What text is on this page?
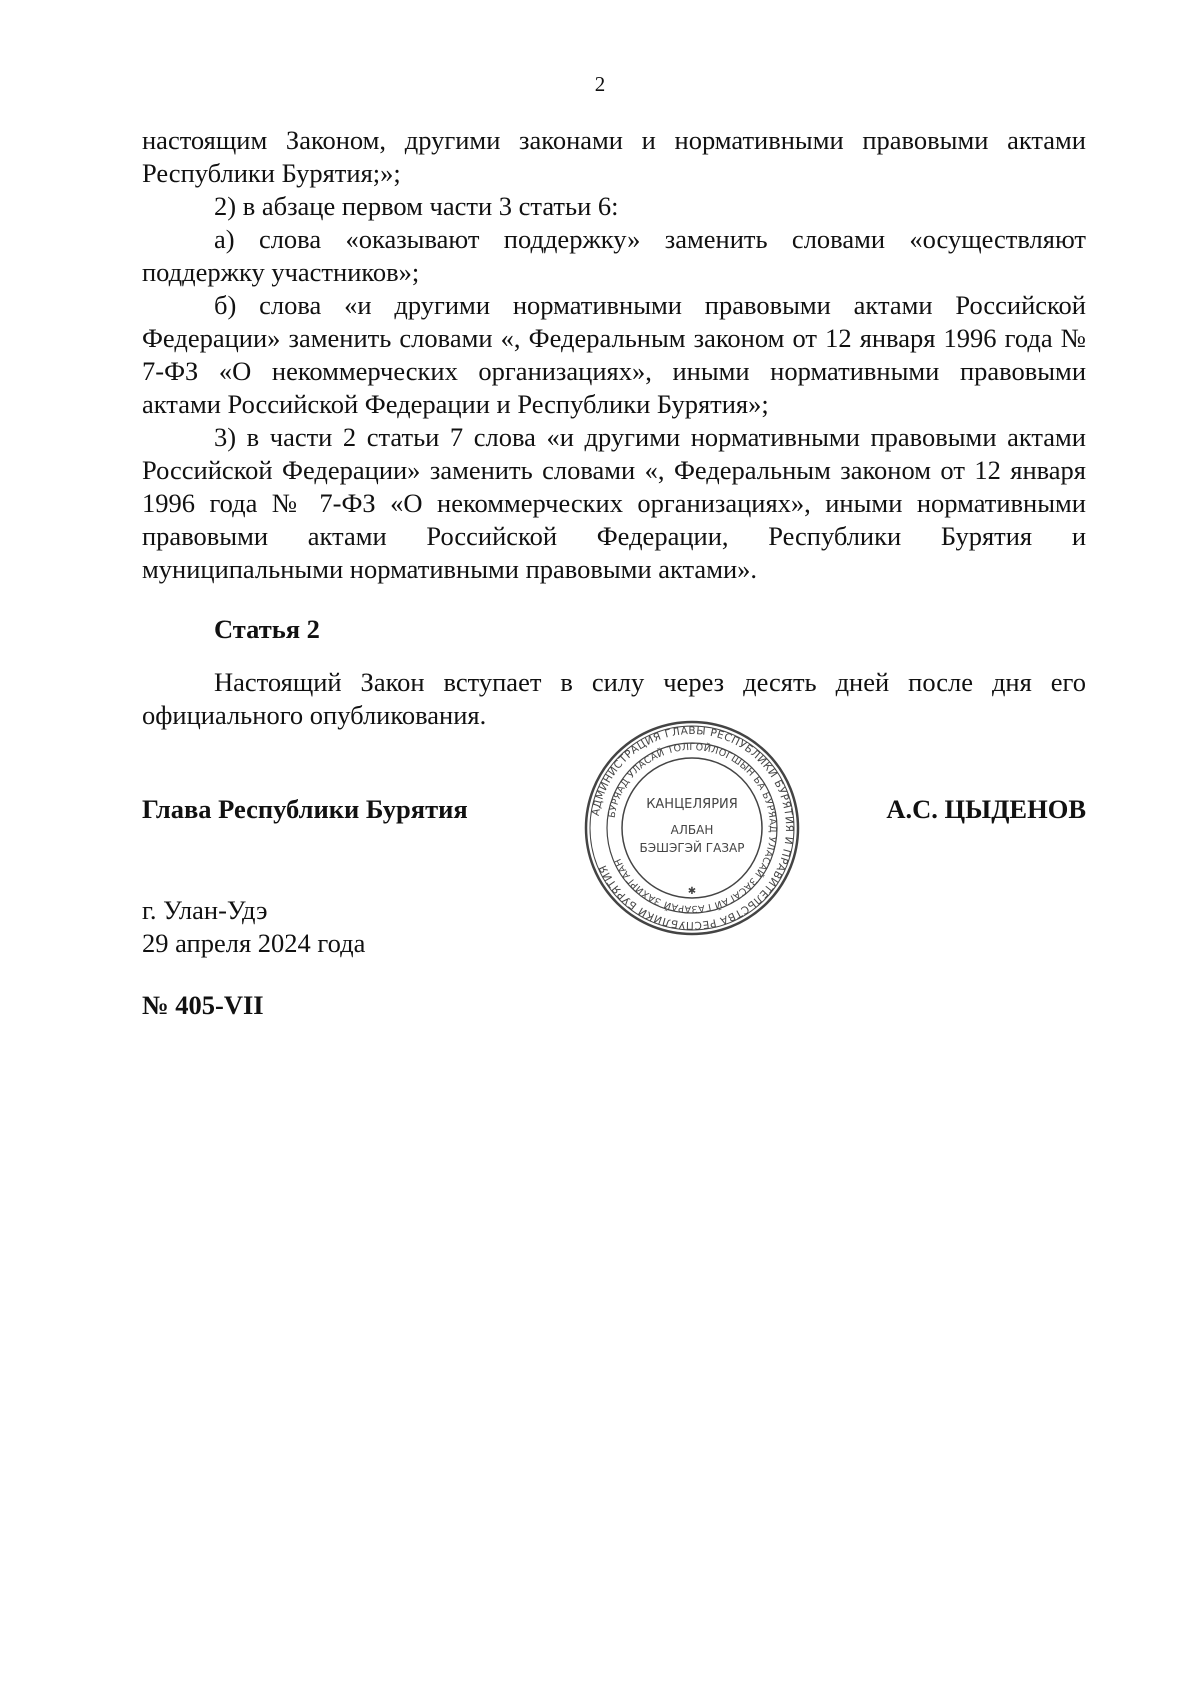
2

настоящим Законом, другими законами и нормативными правовыми актами Республики Бурятия;»;

2) в абзаце первом части 3 статьи 6:

а) слова «оказывают поддержку» заменить словами «осуществляют поддержку участников»;

б) слова «и другими нормативными правовыми актами Российской Федерации» заменить словами «, Федеральным законом от 12 января 1996 года № 7-ФЗ «О некоммерческих организациях», иными нормативными правовыми актами Российской Федерации и Республики Бурятия»;

3) в части 2 статьи 7 слова «и другими нормативными правовыми актами Российской Федерации» заменить словами «, Федеральным законом от 12 января 1996 года № 7-ФЗ «О некоммерческих организациях», иными нормативными правовыми актами Российской Федерации, Республики Бурятия и муниципальными нормативными правовыми актами».

Статья 2

Настоящий Закон вступает в силу через десять дней после дня его официального опубликования.

Глава Республики Бурятия	А.С. ЦЫДЕНОВ
АДМИНИСТРАЦИЯ ГЛАВЫ РЕСПУБЛИКИ БУРЯТИЯ И ПРАВИТЕЛЬСТВА РЕСПУБЛИКИ БУРЯТИЯ
БУРЯАД УЛАСАЙ ТОЛГОЙЛОГШЫН БА БУРЯАД УЛАСАЙ ЗАСАГАЙ ГАЗАРАЙ ЗАХИРГААН
КАНЦЕЛЯРИЯ
АЛБАН
БЭШЭГЭЙ ГАЗАР
✱
г. Улан-Удэ
29 апреля 2024 года
№ 405-VII
